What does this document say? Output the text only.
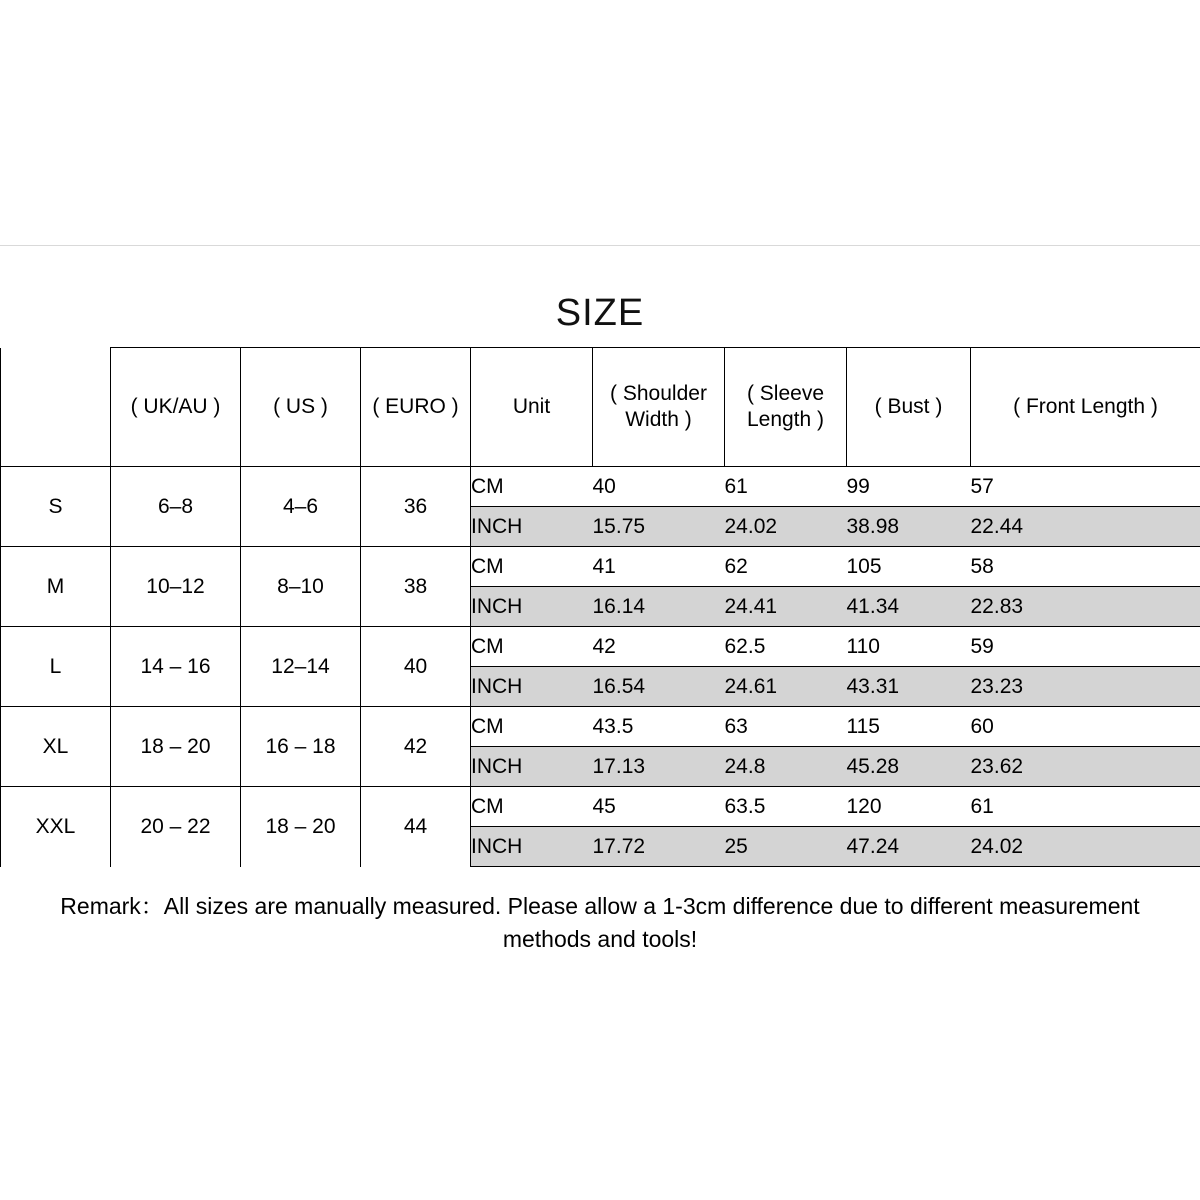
SIZE
	( UK/AU )	( US )	( EURO )	Unit	( Shoulder Width )	( Sleeve Length )	( Bust )	( Front Length )
S	6–8	4–6	36	CM	40	61	99	57
				INCH	15.75	24.02	38.98	22.44
M	10–12	8–10	38	CM	41	62	105	58
				INCH	16.14	24.41	41.34	22.83
L	14 – 16	12–14	40	CM	42	62.5	110	59
				INCH	16.54	24.61	43.31	23.23
XL	18 – 20	16 – 18	42	CM	43.5	63	115	60
				INCH	17.13	24.8	45.28	23.62
XXL	20 – 22	18 – 20	44	CM	45	63.5	120	61
				INCH	17.72	25	47.24	24.02
Remark：All sizes are manually measured. Please allow a 1-3cm difference due to different measurement methods and tools!
